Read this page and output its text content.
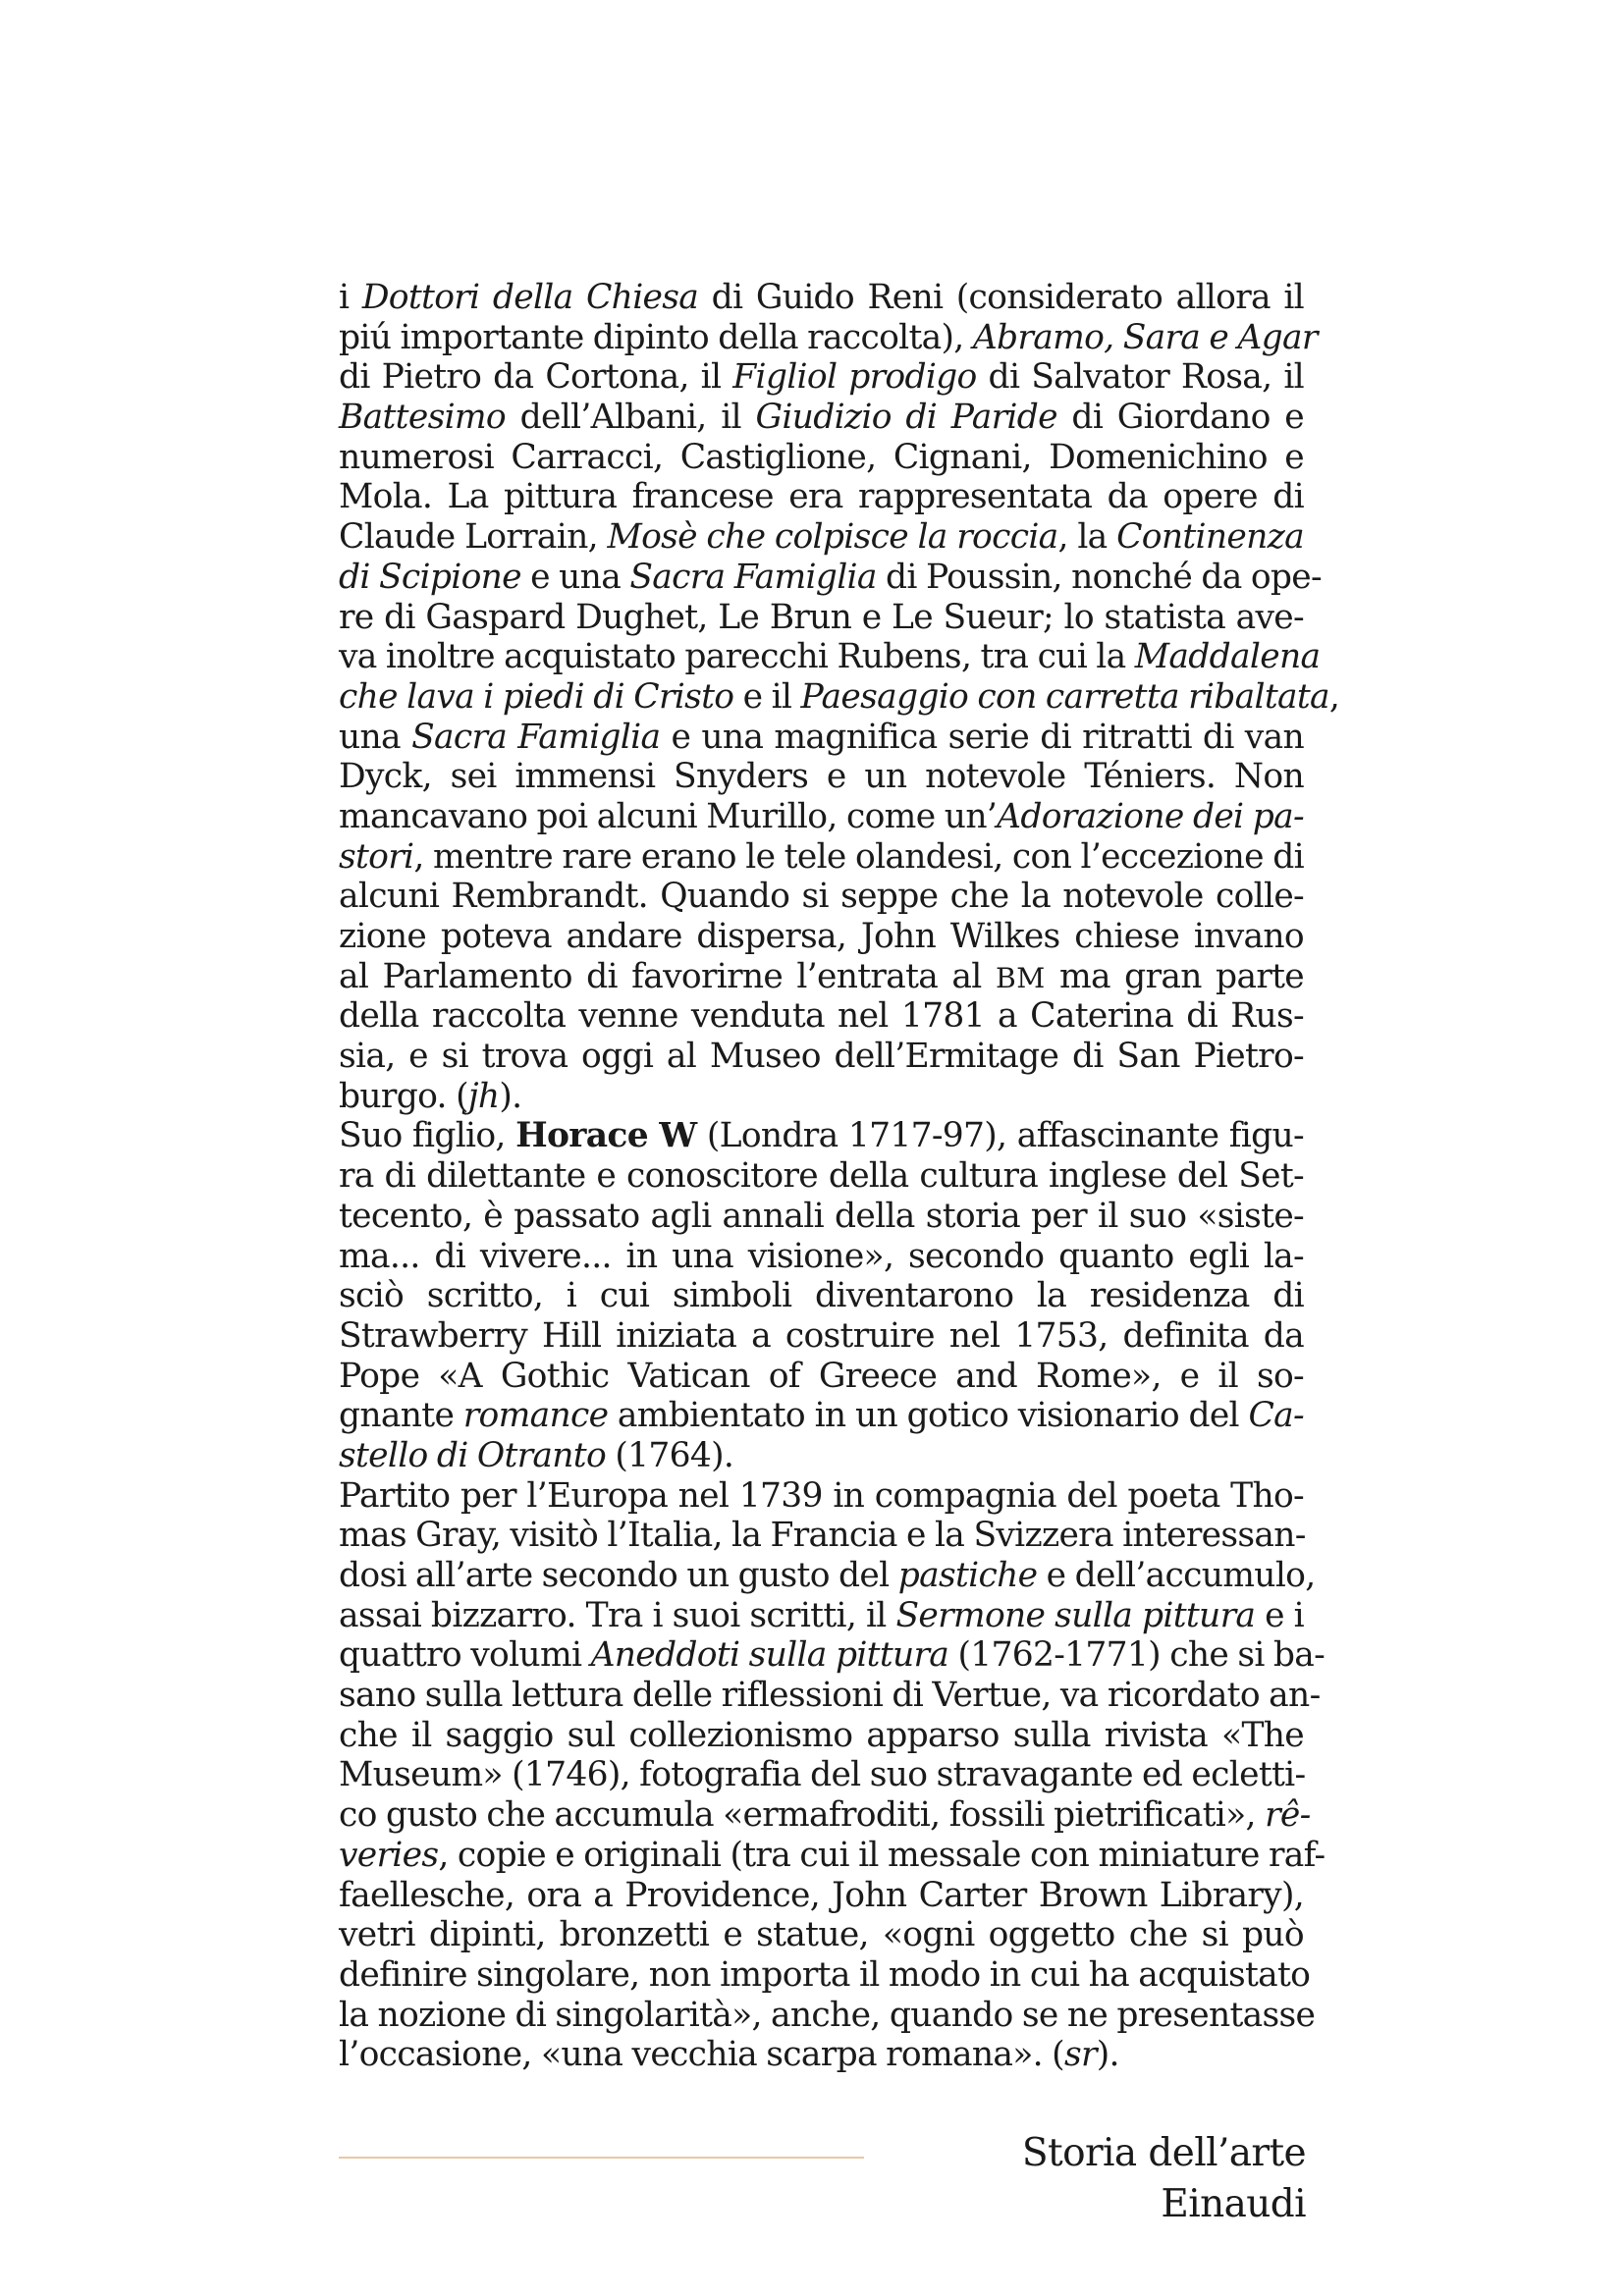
i Dottori della Chiesa di Guido Reni (considerato allora il
piú importante dipinto della raccolta), Abramo, Sara e Agar
di Pietro da Cortona, il Figliol prodigo di Salvator Rosa, il
Battesimo dell’Albani, il Giudizio di Paride di Giordano e
numerosi Carracci, Castiglione, Cignani, Domenichino e
Mola. La pittura francese era rappresentata da opere di
Claude Lorrain, Mosè che colpisce la roccia, la Continenza
di Scipione e una Sacra Famiglia di Poussin, nonché da ope-
re di Gaspard Dughet, Le Brun e Le Sueur; lo statista ave-
va inoltre acquistato parecchi Rubens, tra cui la Maddalena
che lava i piedi di Cristo e il Paesaggio con carretta ribaltata,
una Sacra Famiglia e una magnifica serie di ritratti di van
Dyck, sei immensi Snyders e un notevole Téniers. Non
mancavano poi alcuni Murillo, come un’Adorazione dei pa-
stori, mentre rare erano le tele olandesi, con l’eccezione di
alcuni Rembrandt. Quando si seppe che la notevole colle-
zione poteva andare dispersa, John Wilkes chiese invano
al Parlamento di favorirne l’entrata al BM ma gran parte
della raccolta venne venduta nel 1781 a Caterina di Rus-
sia, e si trova oggi al Museo dell’Ermitage di San Pietro-
burgo. (jh).
Suo figlio, Horace W (Londra 1717-97), affascinante figu-
ra di dilettante e conoscitore della cultura inglese del Set-
tecento, è passato agli annali della storia per il suo «siste-
ma... di vivere... in una visione», secondo quanto egli la-
sciò scritto, i cui simboli diventarono la residenza di
Strawberry Hill iniziata a costruire nel 1753, definita da
Pope «A Gothic Vatican of Greece and Rome», e il so-
gnante romance ambientato in un gotico visionario del Ca-
stello di Otranto (1764).
Partito per l’Europa nel 1739 in compagnia del poeta Tho-
mas Gray, visitò l’Italia, la Francia e la Svizzera interessan-
dosi all’arte secondo un gusto del pastiche e dell’accumulo,
assai bizzarro. Tra i suoi scritti, il Sermone sulla pittura e i
quattro volumi Aneddoti sulla pittura (1762-1771) che si ba-
sano sulla lettura delle riflessioni di Vertue, va ricordato an-
che il saggio sul collezionismo apparso sulla rivista «The
Museum» (1746), fotografia del suo stravagante ed ecletti-
co gusto che accumula «ermafroditi, fossili pietrificati», rê-
veries, copie e originali (tra cui il messale con miniature raf-
faellesche, ora a Providence, John Carter Brown Library),
vetri dipinti, bronzetti e statue, «ogni oggetto che si può
definire singolare, non importa il modo in cui ha acquistato
la nozione di singolarità», anche, quando se ne presentasse
l’occasione, «una vecchia scarpa romana». (sr).
Storia dell’arte Einaudi
